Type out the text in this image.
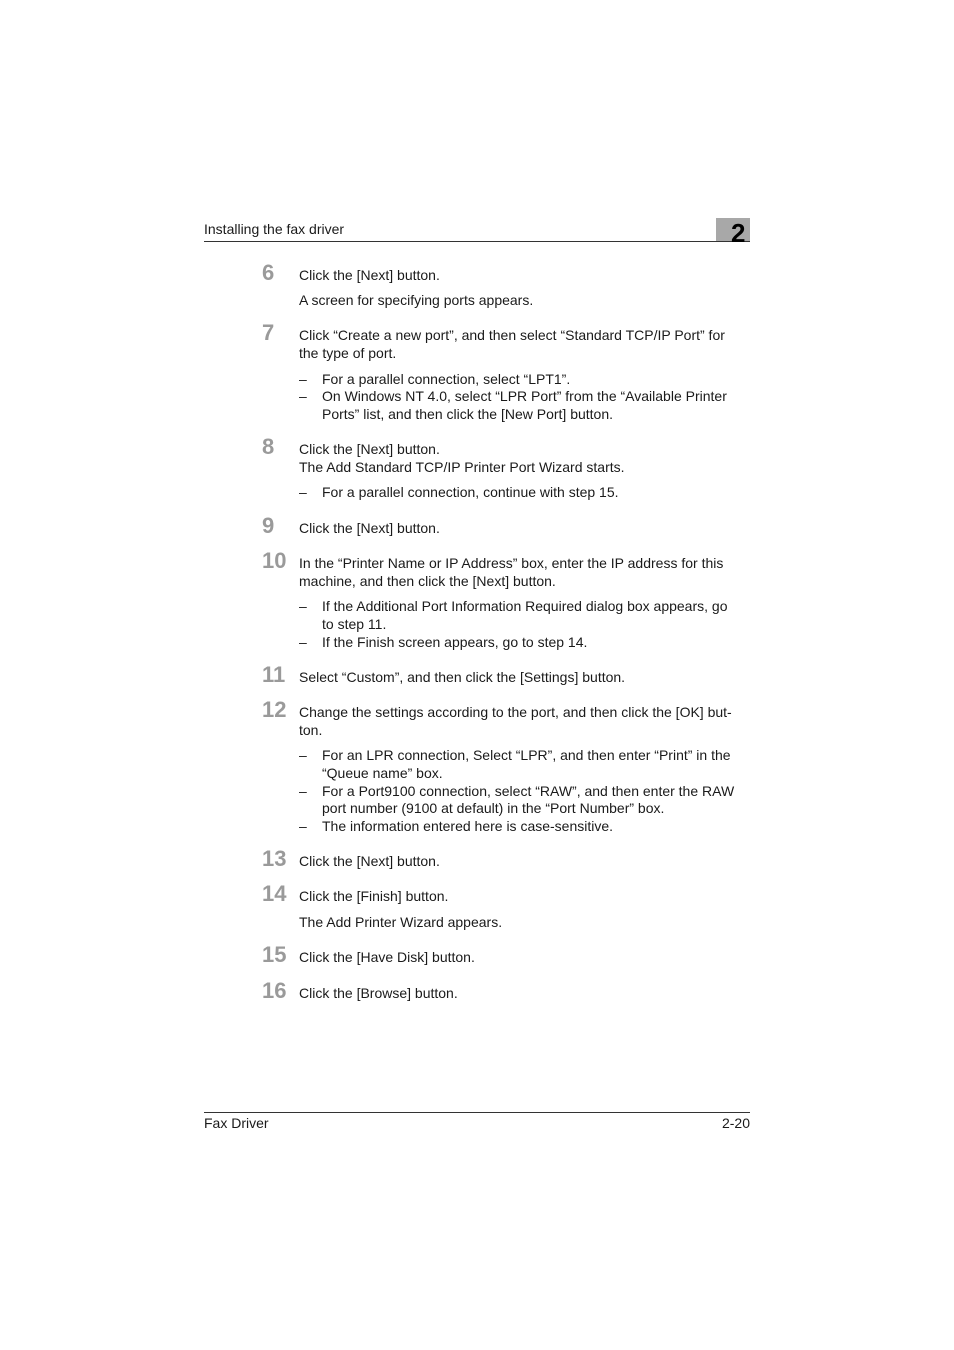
Installing the fax driver	2
6 Click the [Next] button.
A screen for specifying ports appears.
7 Click “Create a new port”, and then select “Standard TCP/IP Port” for
the type of port.
– For a parallel connection, select “LPT1”.
– On Windows NT 4.0, select “LPR Port” from the “Available Printer
Ports” list, and then click the [New Port] button.
8 Click the [Next] button.
The Add Standard TCP/IP Printer Port Wizard starts.
– For a parallel connection, continue with step 15.
9 Click the [Next] button.
10 In the “Printer Name or IP Address” box, enter the IP address for this
machine, and then click the [Next] button.
– If the Additional Port Information Required dialog box appears, go
to step 11.
– If the Finish screen appears, go to step 14.
11 Select “Custom”, and then click the [Settings] button.
12 Change the settings according to the port, and then click the [OK] but-
ton.
– For an LPR connection, Select “LPR”, and then enter “Print” in the
“Queue name” box.
– For a Port9100 connection, select “RAW”, and then enter the RAW
port number (9100 at default) in the “Port Number” box.
– The information entered here is case-sensitive.
13 Click the [Next] button.
14 Click the [Finish] button.
The Add Printer Wizard appears.
15 Click the [Have Disk] button.
16 Click the [Browse] button.
Fax Driver	2-20
